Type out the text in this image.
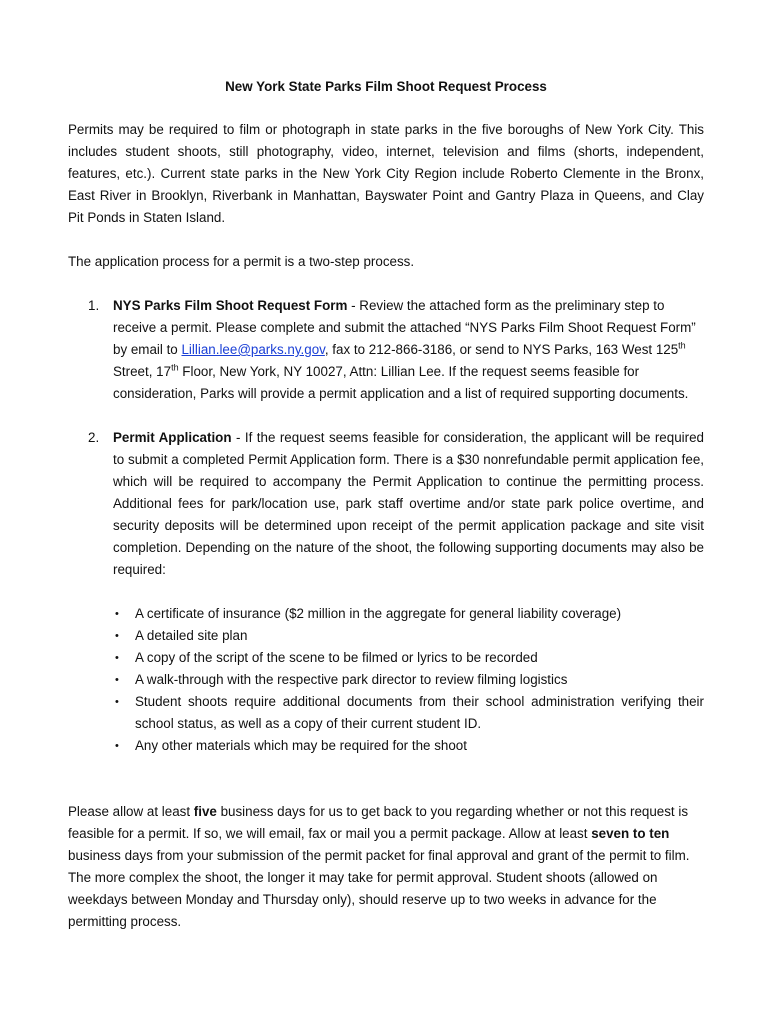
New York State Parks Film Shoot Request Process

Permits may be required to film or photograph in state parks in the five boroughs of New York City. This includes student shoots, still photography, video, internet, television and films (shorts, independent, features, etc.). Current state parks in the New York City Region include Roberto Clemente in the Bronx, East River in Brooklyn, Riverbank in Manhattan, Bayswater Point and Gantry Plaza in Queens, and Clay Pit Ponds in Staten Island.

The application process for a permit is a two-step process.

1. NYS Parks Film Shoot Request Form - Review the attached form as the preliminary step to receive a permit. Please complete and submit the attached “NYS Parks Film Shoot Request Form” by email to Lillian.lee@parks.ny.gov, fax to 212-866-3186, or send to NYS Parks, 163 West 125th Street, 17th Floor, New York, NY 10027, Attn: Lillian Lee. If the request seems feasible for consideration, Parks will provide a permit application and a list of required supporting documents.

2. Permit Application - If the request seems feasible for consideration, the applicant will be required to submit a completed Permit Application form. There is a $30 nonrefundable permit application fee, which will be required to accompany the Permit Application to continue the permitting process. Additional fees for park/location use, park staff overtime and/or state park police overtime, and security deposits will be determined upon receipt of the permit application package and site visit completion. Depending on the nature of the shoot, the following supporting documents may also be required:

• A certificate of insurance ($2 million in the aggregate for general liability coverage)
• A detailed site plan
• A copy of the script of the scene to be filmed or lyrics to be recorded
• A walk-through with the respective park director to review filming logistics
• Student shoots require additional documents from their school administration verifying their school status, as well as a copy of their current student ID.
• Any other materials which may be required for the shoot

Please allow at least five business days for us to get back to you regarding whether or not this request is feasible for a permit. If so, we will email, fax or mail you a permit package. Allow at least seven to ten business days from your submission of the permit packet for final approval and grant of the permit to film. The more complex the shoot, the longer it may take for permit approval. Student shoots (allowed on weekdays between Monday and Thursday only), should reserve up to two weeks in advance for the permitting process.
